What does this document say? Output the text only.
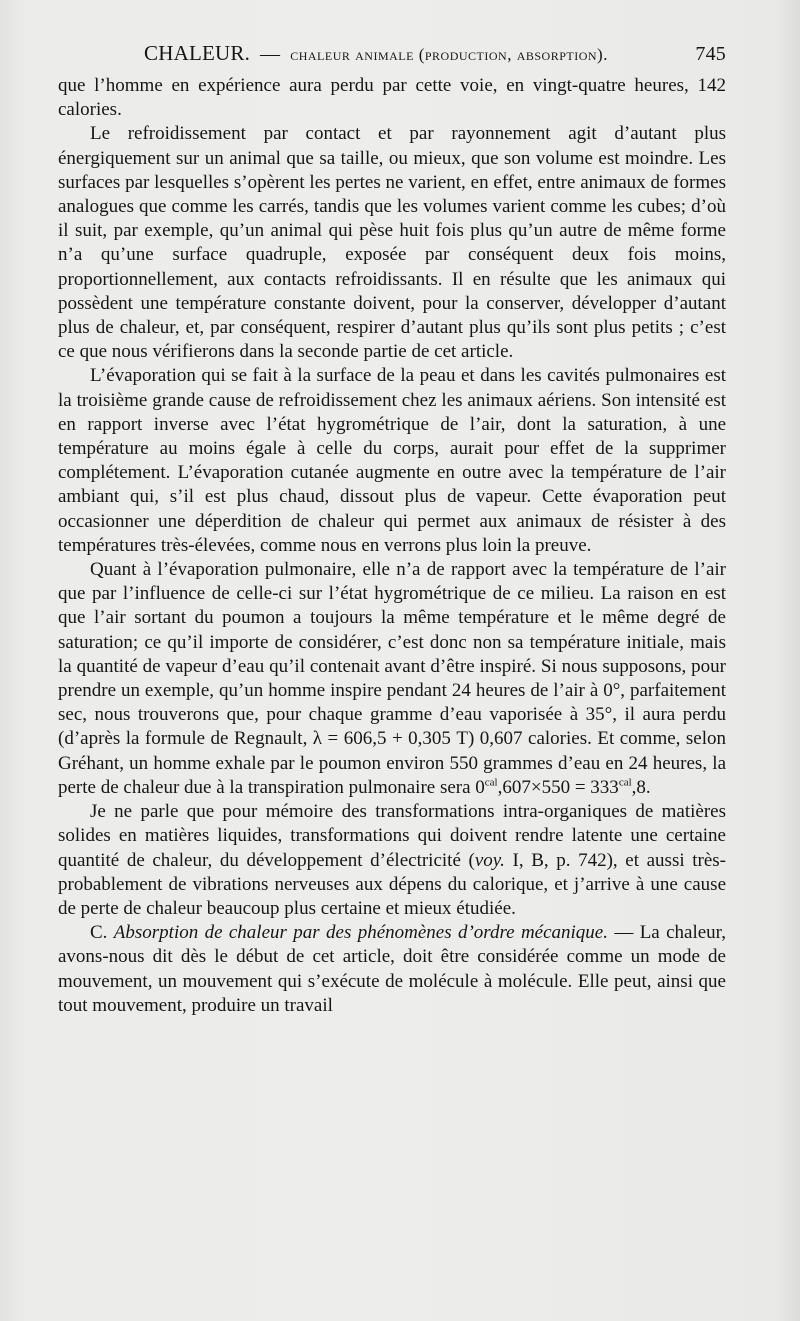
CHALEUR. — chaleur animale (production, absorption).	745

que l’homme en expérience aura perdu par cette voie, en vingt-quatre heures, 142 calories.

Le refroidissement par contact et par rayonnement agit d’autant plus énergiquement sur un animal que sa taille, ou mieux, que son volume est moindre. Les surfaces par lesquelles s’opèrent les pertes ne varient, en effet, entre animaux de formes analogues que comme les carrés, tandis que les volumes varient comme les cubes; d’où il suit, par exemple, qu’un animal qui pèse huit fois plus qu’un autre de même forme n’a qu’une surface quadruple, exposée par conséquent deux fois moins, proportionnellement, aux contacts refroidissants. Il en résulte que les animaux qui possèdent une température constante doivent, pour la conserver, développer d’autant plus de chaleur, et, par conséquent, respirer d’autant plus qu’ils sont plus petits ; c’est ce que nous vérifierons dans la seconde partie de cet article.

L’évaporation qui se fait à la surface de la peau et dans les cavités pulmonaires est la troisième grande cause de refroidissement chez les animaux aériens. Son intensité est en rapport inverse avec l’état hygrométrique de l’air, dont la saturation, à une température au moins égale à celle du corps, aurait pour effet de la supprimer complétement. L’évaporation cutanée augmente en outre avec la température de l’air ambiant qui, s’il est plus chaud, dissout plus de vapeur. Cette évaporation peut occasionner une déperdition de chaleur qui permet aux animaux de résister à des températures très-élevées, comme nous en verrons plus loin la preuve.

Quant à l’évaporation pulmonaire, elle n’a de rapport avec la température de l’air que par l’influence de celle-ci sur l’état hygrométrique de ce milieu. La raison en est que l’air sortant du poumon a toujours la même température et le même degré de saturation; ce qu’il importe de considérer, c’est donc non sa température initiale, mais la quantité de vapeur d’eau qu’il contenait avant d’être inspiré. Si nous supposons, pour prendre un exemple, qu’un homme inspire pendant 24 heures de l’air à 0°, parfaitement sec, nous trouverons que, pour chaque gramme d’eau vaporisée à 35°, il aura perdu (d’après la formule de Regnault, λ = 606,5 + 0,305 T) 0,607 calories. Et comme, selon Gréhant, un homme exhale par le poumon environ 550 grammes d’eau en 24 heures, la perte de chaleur due à la transpiration pulmonaire sera $0^{cal},607\times 550 = 333^{cal},8$.

Je ne parle que pour mémoire des transformations intra-organiques de matières solides en matières liquides, transformations qui doivent rendre latente une certaine quantité de chaleur, du développement d’électricité (voy. I, B, p. 742), et aussi très-probablement de vibrations nerveuses aux dépens du calorique, et j’arrive à une cause de perte de chaleur beaucoup plus certaine et mieux étudiée.

C. Absorption de chaleur par des phénomènes d’ordre mécanique. — La chaleur, avons-nous dit dès le début de cet article, doit être considérée comme un mode de mouvement, un mouvement qui s’exécute de molécule à molécule. Elle peut, ainsi que tout mouvement, produire un travail
